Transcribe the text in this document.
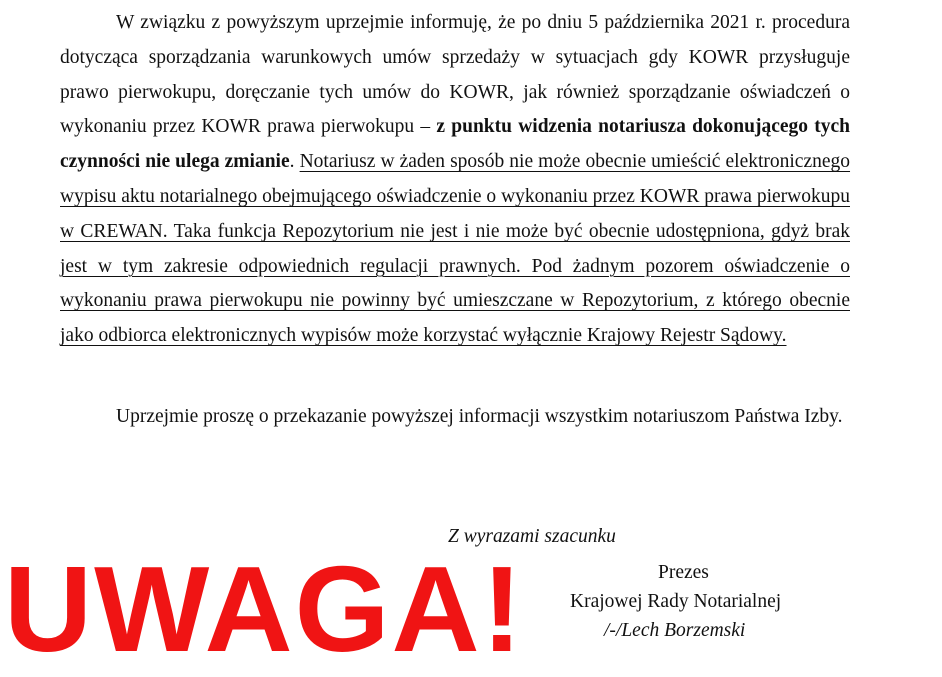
W związku z powyższym uprzejmie informuję, że po dniu 5 października 2021 r. procedura dotycząca sporządzania warunkowych umów sprzedaży w sytuacjach gdy KOWR przysługuje prawo pierwokupu, doręczanie tych umów do KOWR, jak również sporządzanie oświadczeń o wykonaniu przez KOWR prawa pierwokupu – z punktu widzenia notariusza dokonującego tych czynności nie ulega zmianie. Notariusz w żaden sposób nie może obecnie umieścić elektronicznego wypisu aktu notarialnego obejmującego oświadczenie o wykonaniu przez KOWR prawa pierwokupu w CREWAN. Taka funkcja Repozytorium nie jest i nie może być obecnie udostępniona, gdyż brak jest w tym zakresie odpowiednich regulacji prawnych. Pod żadnym pozorem oświadczenie o wykonaniu prawa pierwokupu nie powinny być umieszczane w Repozytorium, z którego obecnie jako odbiorca elektronicznych wypisów może korzystać wyłącznie Krajowy Rejestr Sądowy.
Uprzejmie proszę o przekazanie powyższej informacji wszystkim notariuszom Państwa Izby.
Z wyrazami szacunku
Prezes
Krajowej Rady Notarialnej
/-/Lech Borzemski
UWAGA!
